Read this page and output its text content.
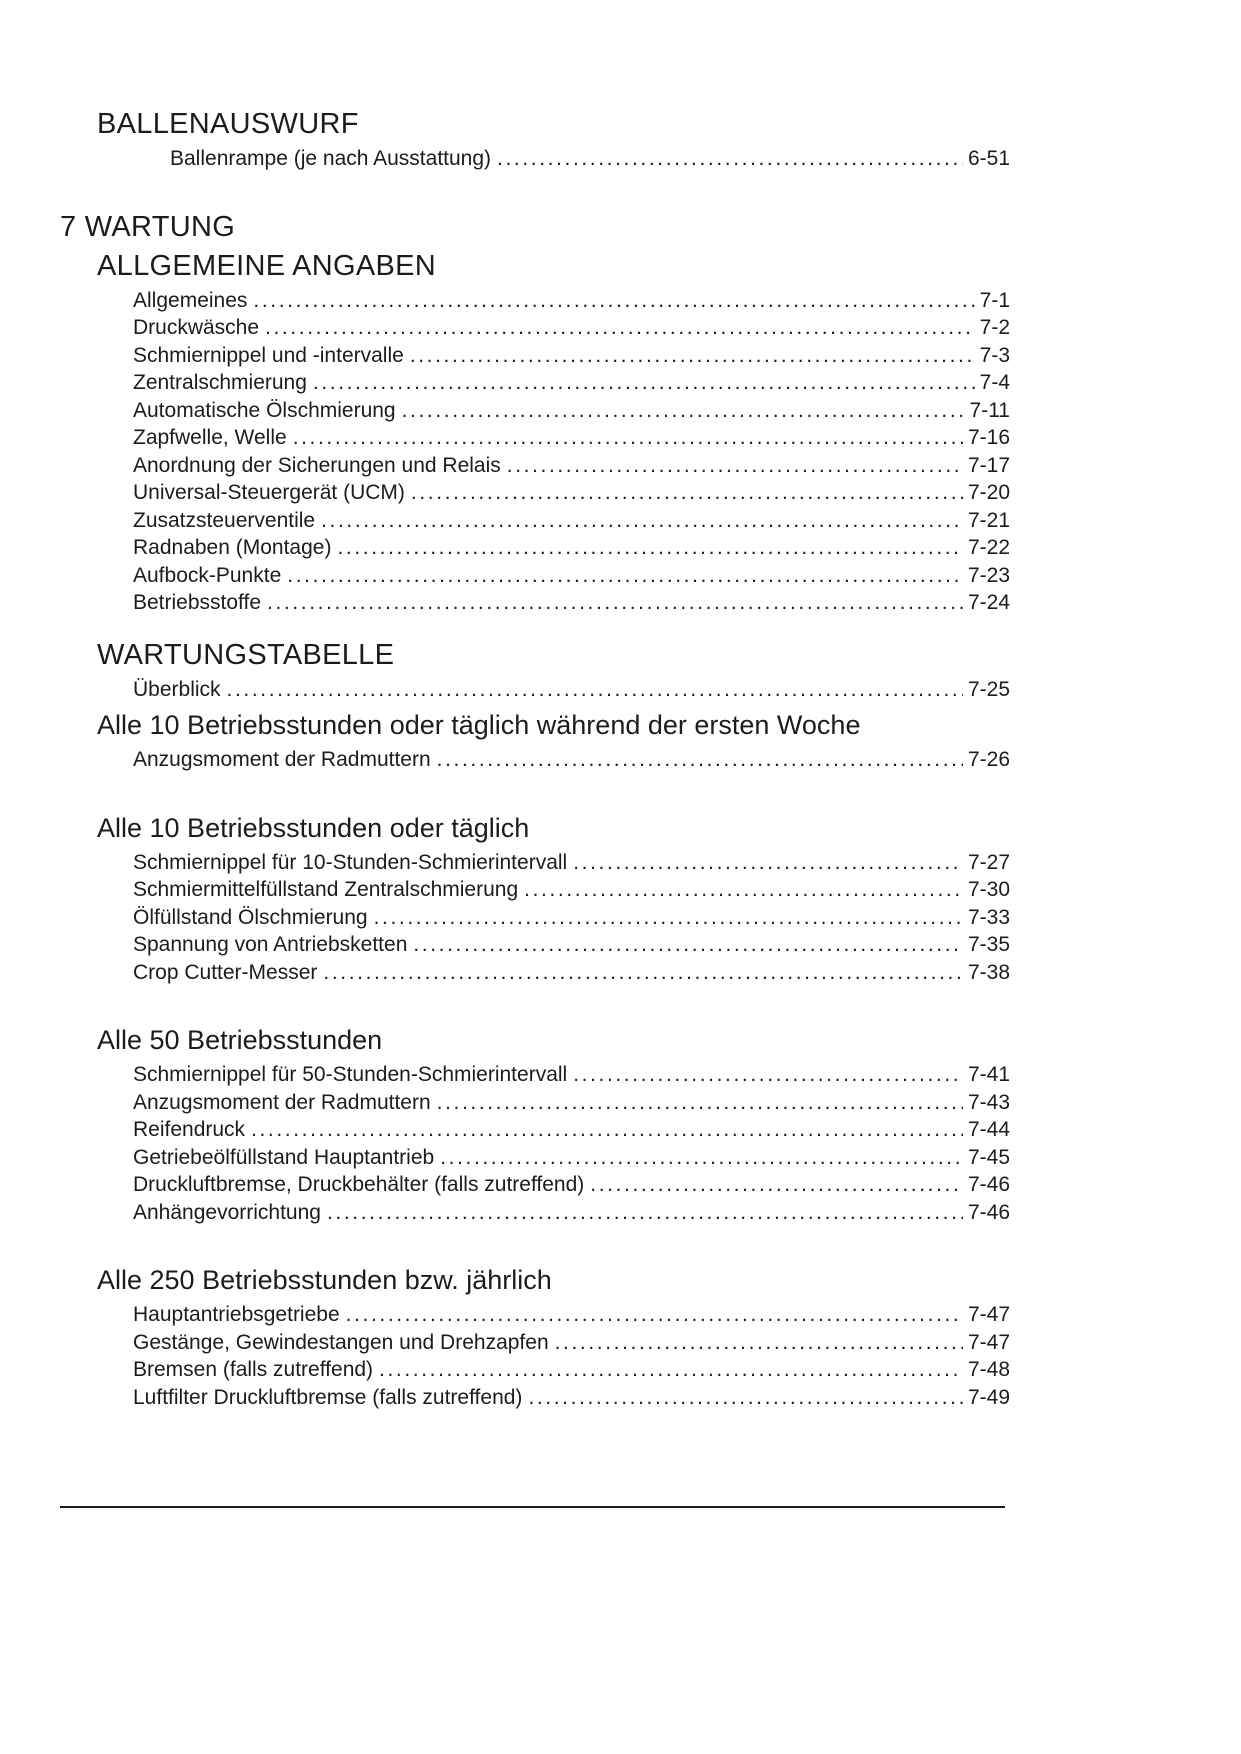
BALLENAUSWURF
Ballenrampe (je nach Ausstattung) .....	6-51
7 WARTUNG
ALLGEMEINE ANGABEN
Allgemeines .....	7-1
Druckwäsche .....	7-2
Schmiernippel und -intervalle .....	7-3
Zentralschmierung .....	7-4
Automatische Ölschmierung .....	7-11
Zapfwelle, Welle .....	7-16
Anordnung der Sicherungen und Relais .....	7-17
Universal-Steuergerät (UCM) .....	7-20
Zusatzsteuerventile .....	7-21
Radnaben (Montage) .....	7-22
Aufbock-Punkte .....	7-23
Betriebsstoffe .....	7-24
WARTUNGSTABELLE
Überblick .....	7-25
Alle 10 Betriebsstunden oder täglich während der ersten Woche
Anzugsmoment der Radmuttern .....	7-26
Alle 10 Betriebsstunden oder täglich
Schmiernippel für 10-Stunden-Schmierintervall .....	7-27
Schmiermittelfüllstand Zentralschmierung .....	7-30
Ölfüllstand Ölschmierung .....	7-33
Spannung von Antriebsketten .....	7-35
Crop Cutter-Messer .....	7-38
Alle 50 Betriebsstunden
Schmiernippel für 50-Stunden-Schmierintervall .....	7-41
Anzugsmoment der Radmuttern .....	7-43
Reifendruck .....	7-44
Getriebeölfüllstand Hauptantrieb .....	7-45
Druckluftbremse, Druckbehälter (falls zutreffend) .....	7-46
Anhängevorrichtung .....	7-46
Alle 250 Betriebsstunden bzw. jährlich
Hauptantriebsgetriebe .....	7-47
Gestänge, Gewindestangen und Drehzapfen .....	7-47
Bremsen (falls zutreffend) .....	7-48
Luftfilter Druckluftbremse (falls zutreffend) .....	7-49
